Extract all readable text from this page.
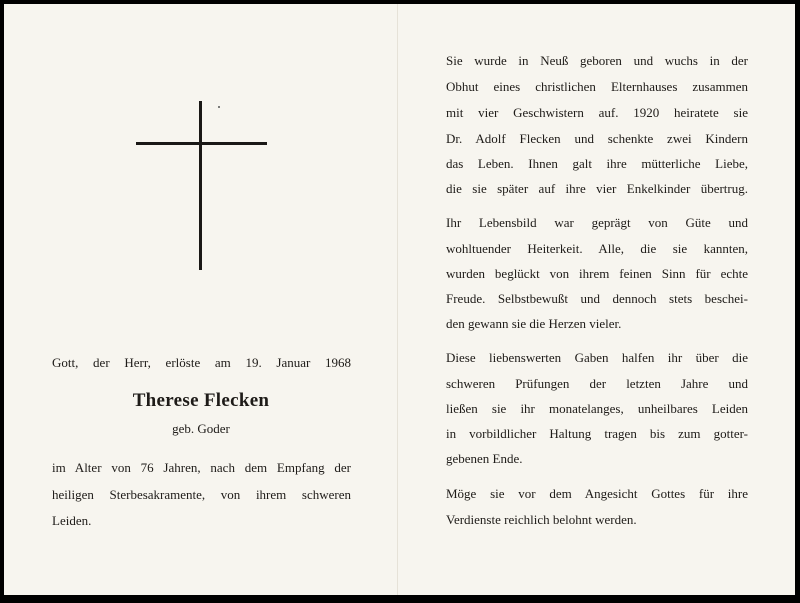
Gott, der Herr, erlöste am 19. Januar 1968
Therese Flecken
geb. Goder
im Alter von 76 Jahren, nach dem Empfang der
heiligen Sterbesakramente, von ihrem schweren
Leiden.
Sie wurde in Neuß geboren und wuchs in der
Obhut eines christlichen Elternhauses zusammen
mit vier Geschwistern auf. 1920 heiratete sie
Dr. Adolf Flecken und schenkte zwei Kindern
das Leben. Ihnen galt ihre mütterliche Liebe,
die sie später auf ihre vier Enkelkinder übertrug.
Ihr Lebensbild war geprägt von Güte und
wohltuender Heiterkeit. Alle, die sie kannten,
wurden beglückt von ihrem feinen Sinn für echte
Freude. Selbstbewußt und dennoch stets beschei-
den gewann sie die Herzen vieler.
Diese liebenswerten Gaben halfen ihr über die
schweren Prüfungen der letzten Jahre und
ließen sie ihr monatelanges, unheilbares Leiden
in vorbildlicher Haltung tragen bis zum gotter-
gebenen Ende.
Möge sie vor dem Angesicht Gottes für ihre
Verdienste reichlich belohnt werden.
